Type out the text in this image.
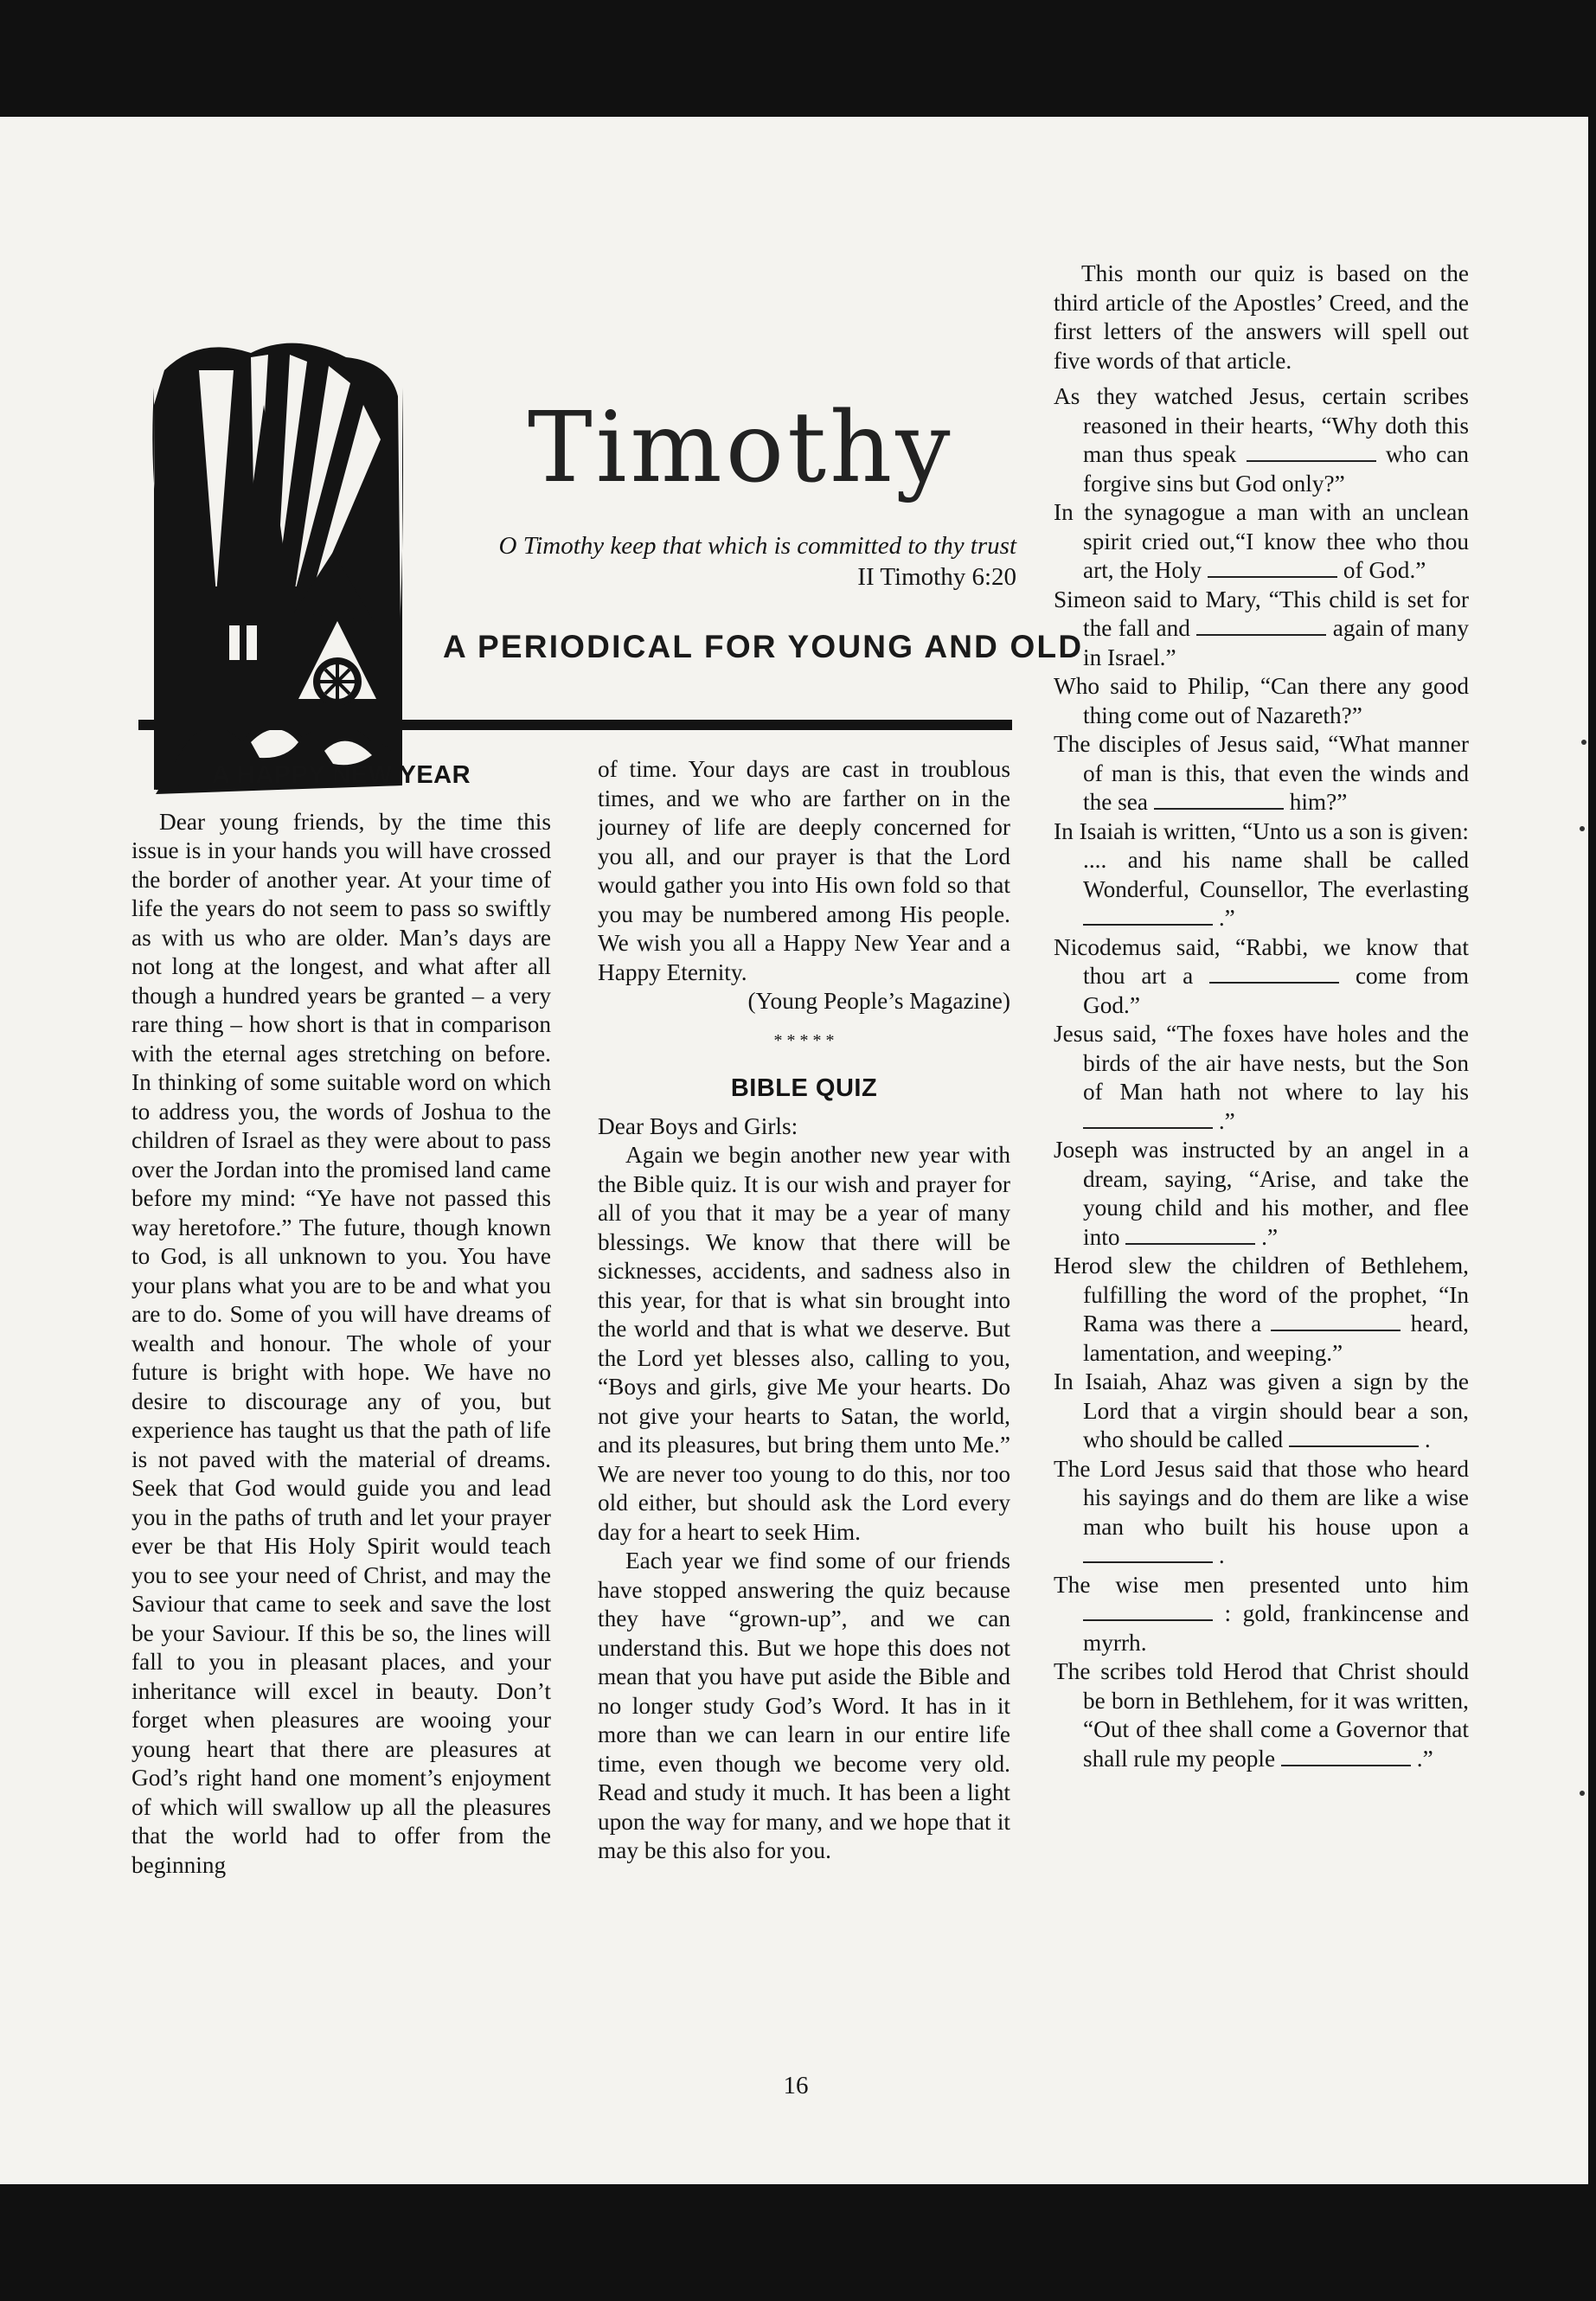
Timothy
O Timothy keep that which is committed to thy trust
II Timothy 6:20
A PERIODICAL FOR YOUNG AND OLD
A HAPPY NEW YEAR

Dear young friends, by the time this issue is in your hands you will have crossed the border of another year. At your time of life the years do not seem to pass so swiftly as with us who are older. Man’s days are not long at the longest, and what after all though a hundred years be granted – a very rare thing – how short is that in comparison with the eternal ages stretching on before. In thinking of some suitable word on which to address you, the words of Joshua to the children of Israel as they were about to pass over the Jordan into the promised land came before my mind: “Ye have not passed this way heretofore.” The future, though known to God, is all unknown to you. You have your plans what you are to be and what you are to do. Some of you will have dreams of wealth and honour. The whole of your future is bright with hope. We have no desire to discourage any of you, but experience has taught us that the path of life is not paved with the material of dreams. Seek that God would guide you and lead you in the paths of truth and let your prayer ever be that His Holy Spirit would teach you to see your need of Christ, and may the Saviour that came to seek and save the lost be your Saviour. If this be so, the lines will fall to you in pleasant places, and your inheritance will excel in beauty. Don’t forget when pleasures are wooing your young heart that there are pleasures at God’s right hand one moment’s enjoyment of which will swallow up all the pleasures that the world had to offer from the beginning

of time. Your days are cast in troublous times, and we who are farther on in the journey of life are deeply concerned for you all, and our prayer is that the Lord would gather you into His own fold so that you may be numbered among His people. We wish you all a Happy New Year and a Happy Eternity.

(Young People’s Magazine)

* * * * *

BIBLE QUIZ

Dear Boys and Girls:

Again we begin another new year with the Bible quiz. It is our wish and prayer for all of you that it may be a year of many blessings. We know that there will be sicknesses, accidents, and sadness also in this year, for that is what sin brought into the world and that is what we deserve. But the Lord yet blesses also, calling to you, “Boys and girls, give Me your hearts. Do not give your hearts to Satan, the world, and its pleasures, but bring them unto Me.” We are never too young to do this, nor too old either, but should ask the Lord every day for a heart to seek Him.

Each year we find some of our friends have stopped answering the quiz because they have “grown-up”, and we can understand this. But we hope this does not mean that you have put aside the Bible and no longer study God’s Word. It has in it more than we can learn in our entire life time, even though we become very old. Read and study it much. It has been a light upon the way for many, and we hope that it may be this also for you.

This month our quiz is based on the third article of the Apostles’ Creed, and the first letters of the answers will spell out five words of that article.

As they watched Jesus, certain scribes reasoned in their hearts, “Why doth this man thus speak	who can forgive sins but God only?”

In the synagogue a man with an unclean spirit cried out,“I know thee who thou art, the Holy	of God.”

Simeon said to Mary, “This child is set for the fall and	again of many in Israel.”

Who said to Philip, “Can there any good thing come out of Nazareth?”

The disciples of Jesus said, “What manner of man is this, that even the winds and the sea	him?”

In Isaiah is written, “Unto us a son is given: .... and his name shall be called Wonderful, Counsellor, The everlasting  .”

Nicodemus said, “Rabbi, we know that thou art a	come from God.”

Jesus said, “The foxes have holes and the birds of the air have nests, but the Son of Man hath not where to lay his  .”

Joseph was instructed by an angel in a dream, saying, “Arise, and take the young child and his mother, and flee into	.”

Herod slew the children of Bethlehem, fulfilling the word of the prophet, “In Rama was there a	heard, lamentation, and weeping.”

In Isaiah, Ahaz was given a sign by the Lord that a virgin should bear a son, who should be called	.

The Lord Jesus said that those who heard his sayings and do them are like a wise man who built his house upon a  .

The wise men presented unto him  : gold, frankincense and myrrh.

The scribes told Herod that Christ should be born in Bethlehem, for it was written, “Out of thee shall come a Governor that shall rule my people	.”

16
